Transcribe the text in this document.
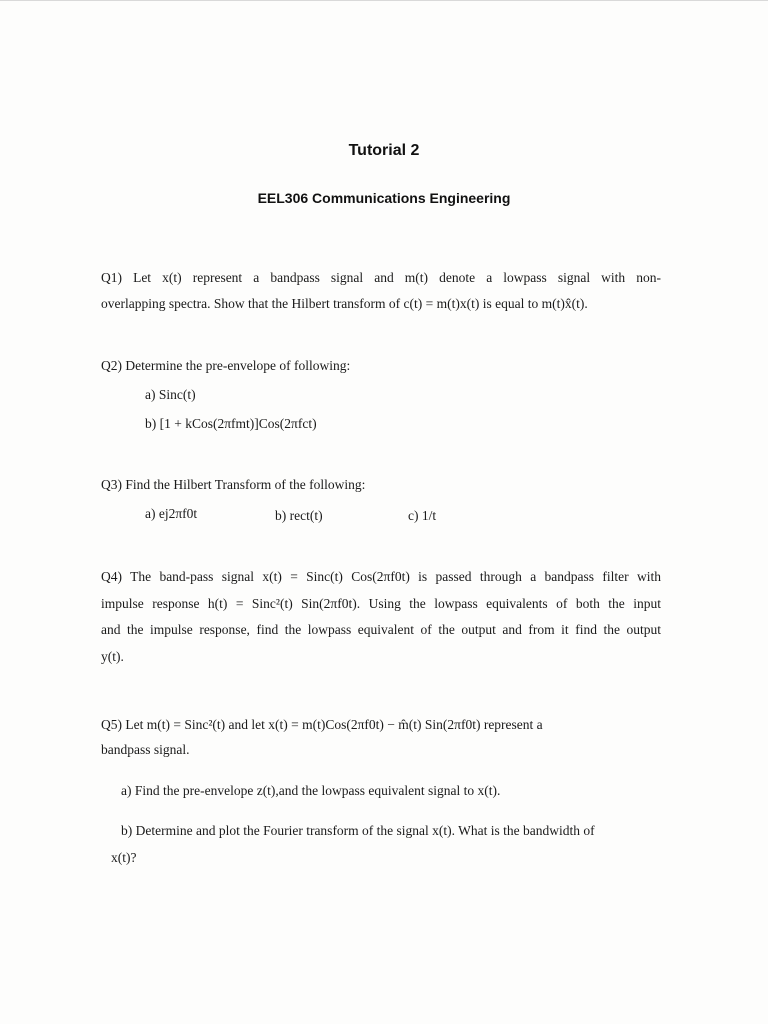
Tutorial 2
EEL306 Communications Engineering
Q1) Let x(t) represent a bandpass signal and m(t) denote a lowpass signal with non-
overlapping spectra. Show that the Hilbert transform of c(t) = m(t)x(t) is equal to m(t)x̂(t).
Q2) Determine the pre-envelope of following:
a) Sinc(t)
b) [1 + kCos(2πfmt)]Cos(2πfct)
Q3) Find the Hilbert Transform of the following:
a) ej2πf0t	b) rect(t)	c) 1/t
Q4) The band-pass signal x(t) = Sinc(t) Cos(2πf0t) is passed through a bandpass filter with
impulse response h(t) = Sinc²(t) Sin(2πf0t). Using the lowpass equivalents of both the input
and the impulse response, find the lowpass equivalent of the output and from it find the output
y(t).
Q5) Let m(t) = Sinc²(t) and let x(t) = m(t)Cos(2πf0t) − m̂(t) Sin(2πf0t) represent a
bandpass signal.
a) Find the pre-envelope z(t),and the lowpass equivalent signal to x(t).
b) Determine and plot the Fourier transform of the signal x(t). What is the bandwidth of
x(t)?
